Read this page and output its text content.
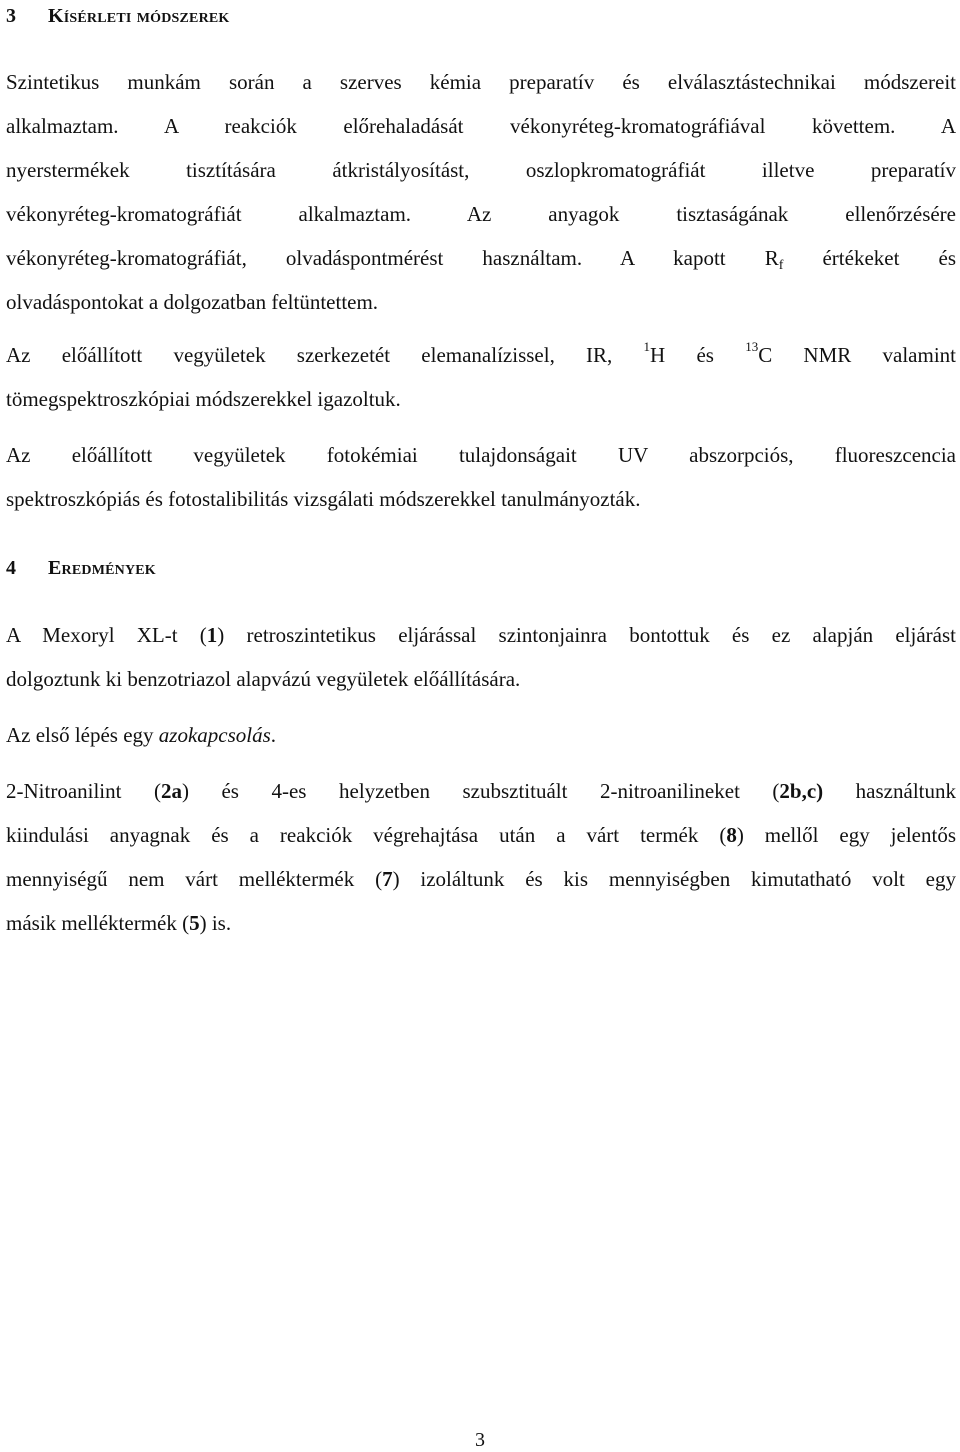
3 Kísérleti módszerek
Szintetikus munkám során a szerves kémia preparatív és elválasztástechnikai módszereit
alkalmaztam. A reakciók előrehaladását vékonyréteg-kromatográfiával követtem. A
nyerstermékek tisztítására átkristályosítást, oszlopkromatográfiát illetve preparatív
vékonyréteg-kromatográfiát alkalmaztam. Az anyagok tisztaságának ellenőrzésére
vékonyréteg-kromatográfiát, olvadáspontmérést használtam. A kapott $R_f$ értékeket és
olvadáspontokat a dolgozatban feltüntettem.
Az előállított vegyületek szerkezetét elemanalízissel, IR, $^1$H és $^{13}$C NMR valamint
tömegspektroszkópiai módszerekkel igazoltuk.
Az előállított vegyületek fotokémiai tulajdonságait UV abszorpciós, fluoreszcencia
spektroszkópiás és fotostalibilitás vizsgálati módszerekkel tanulmányozták.
4 Eredmények
A Mexoryl XL-t (1) retroszintetikus eljárással szintonjainra bontottuk és ez alapján eljárást
dolgoztunk ki benzotriazol alapvázú vegyületek előállítására.
Az első lépés egy azokapcsolás.
2-Nitroanilint (2a) és 4-es helyzetben szubsztituált 2-nitroanilineket (2b,c) használtunk
kiindulási anyagnak és a reakciók végrehajtása után a várt termék (8) mellől egy jelentős
mennyiségű nem várt melléktermék (7) izoláltunk és kis mennyiségben kimutatható volt egy
másik melléktermék (5) is.
3
